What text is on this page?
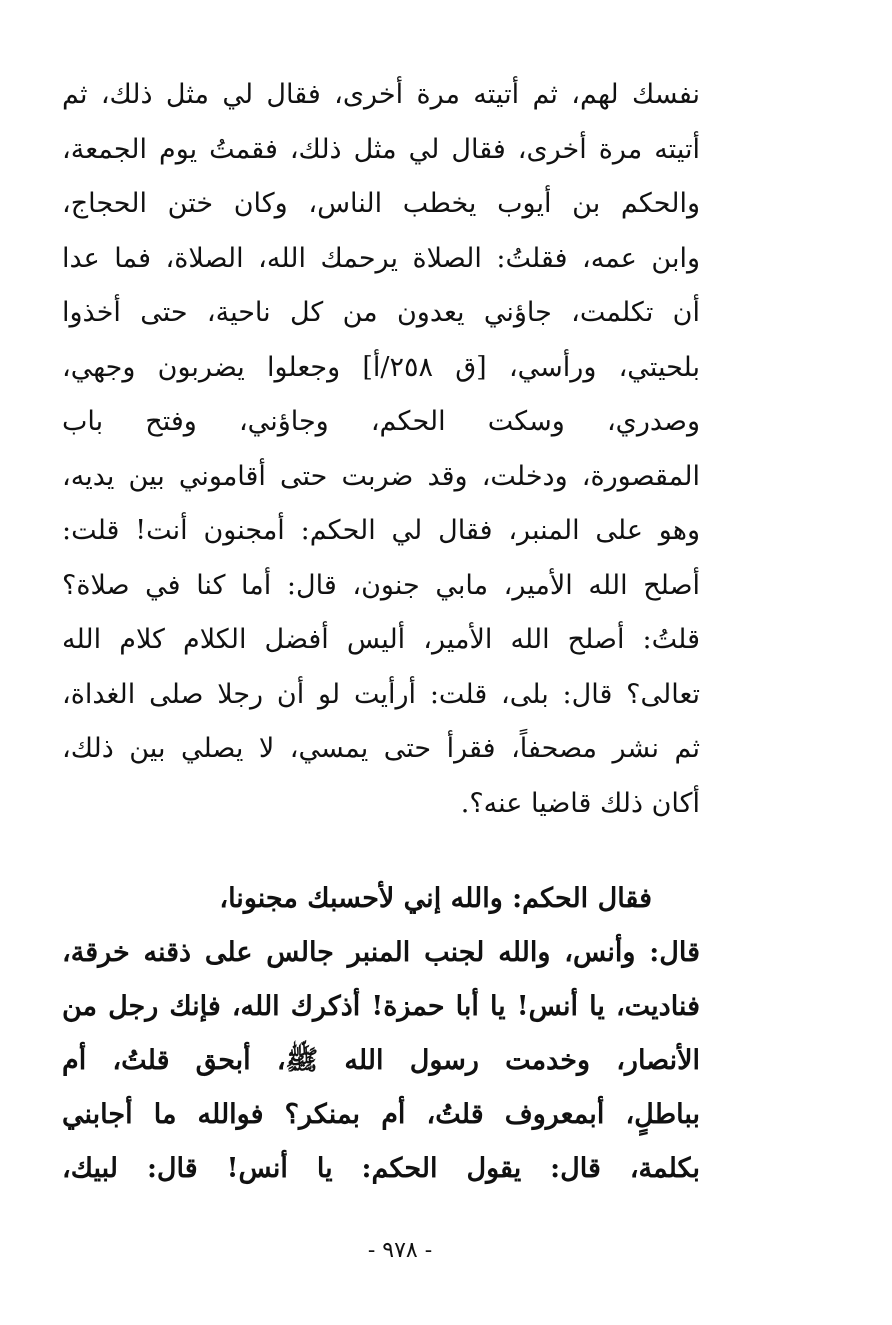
نفسك لهم، ثم أتيته مرة أخرى، فقال لي مثل ذلك، ثم
أتيته مرة أخرى، فقال لي مثل ذلك، فقمتُ يوم الجمعة،
والحكم بن أيوب يخطب الناس، وكان ختن الحجاج،
وابن عمه، فقلتُ: الصلاة يرحمك الله، الصلاة، فما عدا
أن تكلمت، جاؤني يعدون من كل ناحية، حتى أخذوا
بلحيتي، ورأسي، [ق ٢٥٨/أ] وجعلوا يضربون وجهي،
وصدري، وسكت الحكم، وجاؤني، وفتح باب
المقصورة، ودخلت، وقد ضربت حتى أقاموني بين يديه،
وهو على المنبر، فقال لي الحكم: أمجنون أنت! قلت:
أصلح الله الأمير، مابي جنون، قال: أما كنا في صلاة؟
قلتُ: أصلح الله الأمير، أليس أفضل الكلام كلام الله
تعالى؟ قال: بلى، قلت: أرأيت لو أن رجلا صلى الغداة،
ثم نشر مصحفاً، فقرأ حتى يمسي، لا يصلي بين ذلك،
أكان ذلك قاضيا عنه؟.
فقال الحكم: والله إني لأحسبك مجنونا،
قال: وأنس، والله لجنب المنبر جالس على ذقنه خرقة،
فناديت، يا أنس! يا أبا حمزة! أذكرك الله، فإنك رجل من
الأنصار، وخدمت رسول الله ﷺ، أبحق قلتُ، أم
بباطلٍ، أبمعروف قلتُ، أم بمنكر؟ فوالله ما أجابني
بكلمة، قال: يقول الحكم: يا أنس! قال: لبيك،
- ٩٧٨ -
